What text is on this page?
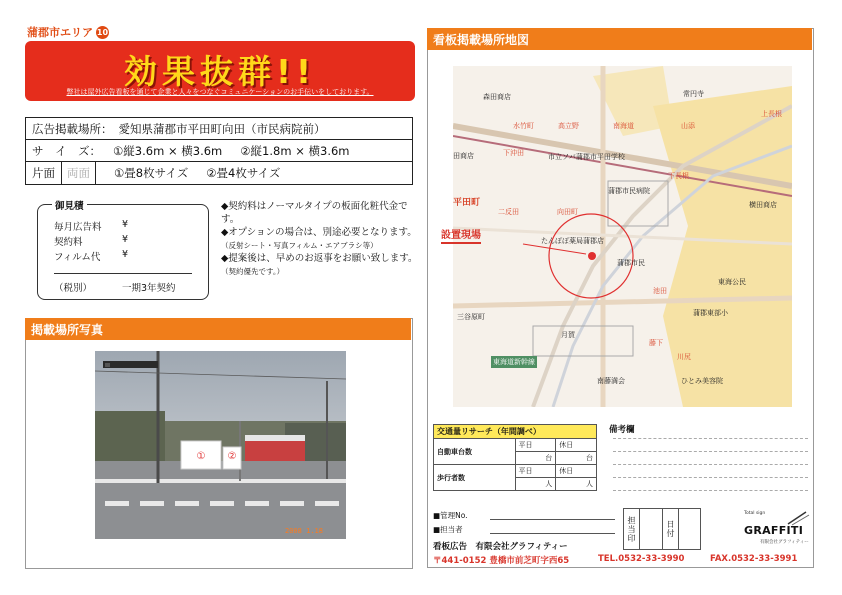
蒲郡市エリア 10
効果抜群!!
弊社は屋外広告看板を通じて企業と人々をつなぐコミュニケーションのお手伝いをしております。
広告掲載場所： 愛知県蒲郡市平田町向田（市民病院前）
サ　イ　ズ： ①縦3.6m × 横3.6m ②縦1.8m × 横3.6m
片面	両面	①畳8枚サイズ ②畳4枚サイズ
御見積
毎月広告料 ¥
契約料	¥
フィルム代 ¥
（税別）	一期3年契約
◆契約料はノーマルタイプの板面化粧代金です。
◆オプションの場合は、別途必要となります。
（反射シート・写真フィルム・エアブラシ等）
◆提案後は、早めのお返事をお願い致します。
（契約優先です。）
掲載場所写真
① ②
2008 1.18
看板掲載場所地図
森田商店
水竹町	高立野	南海道	山添
常円寺
上長根
田商店	下沖田	市立ソバ蒲郡市平田学校
下長根
蒲郡市民病院
平田町
二反田	向田町
横田商店
たんぽぽ薬局蒲郡店
蒲郡市民
東海公民
蒲郡東部小
池田
川尻
ひとみ美容院
南藤満会
三谷原町
月賀
藤下
東海道新幹線
設置現場
交通量リサーチ（年間調べ）		
自動車台数	平日	休日
	台	台
歩行者数	平日	休日
	人	人
備考欄
■管理No.
■担当者	担当印	日付
Total sign
GRAFFITI
有限会社グラフィティー
看板広告　有限会社グラフィティー
〒441-0152 豊橋市前芝町字西65	TEL.0532-33-3990	FAX.0532-33-3991
